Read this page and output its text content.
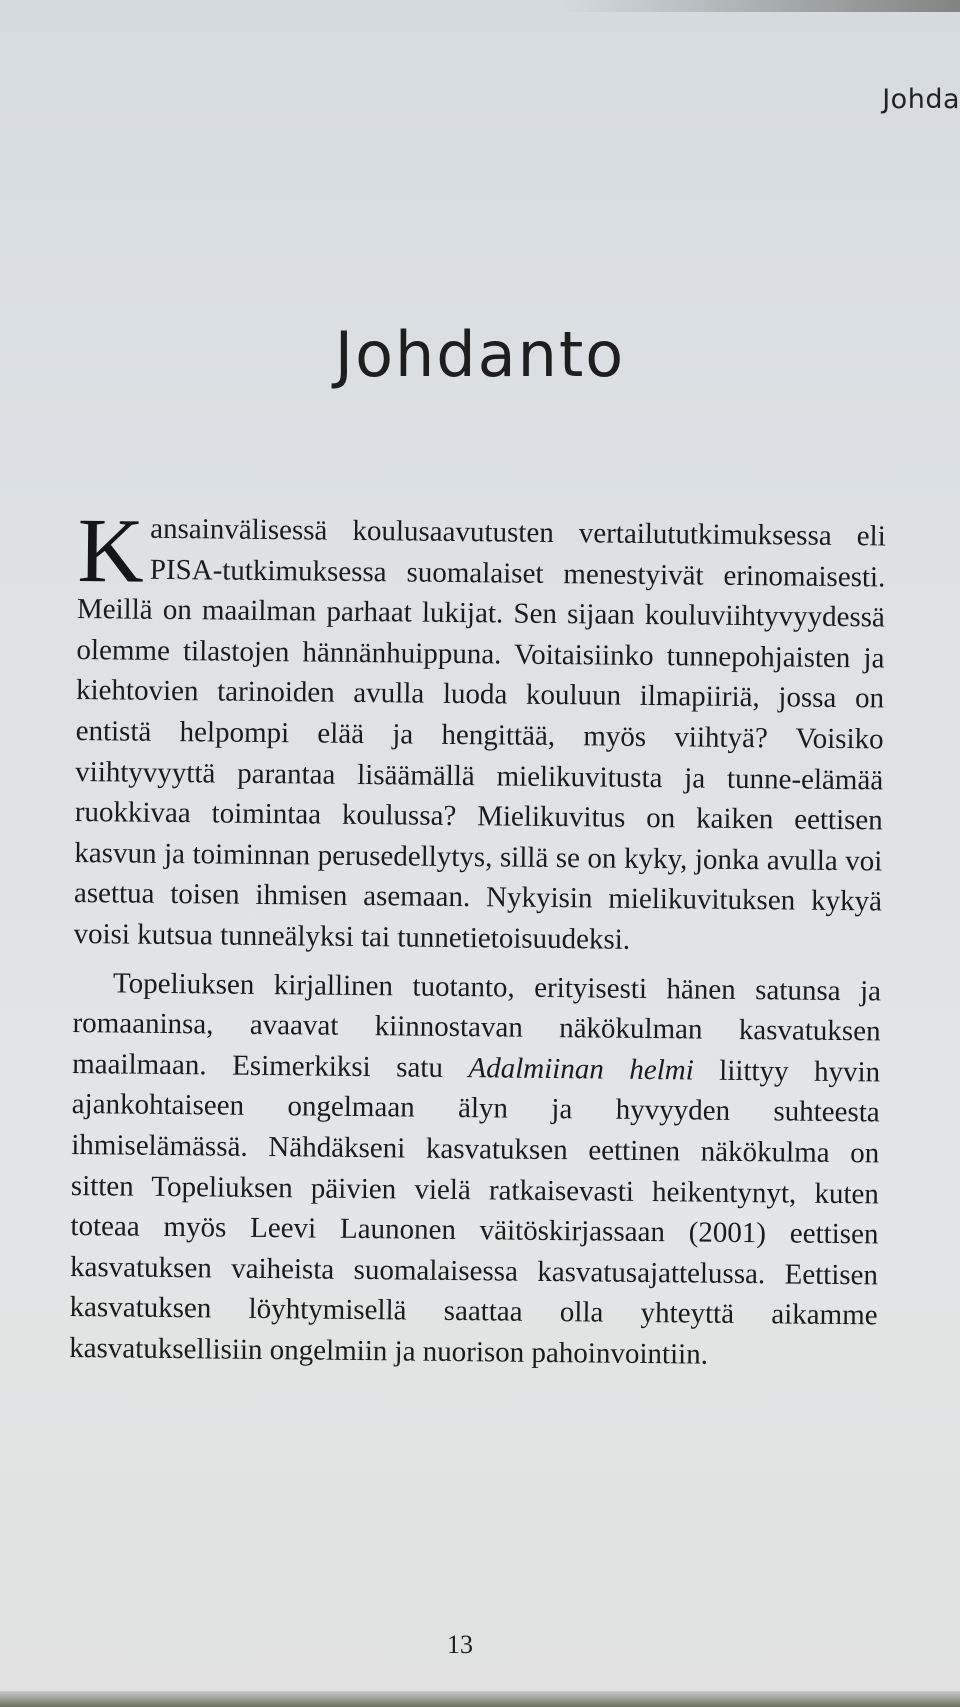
Johda
Johdanto

Kansainvälisessä koulusaavutusten vertailututkimuksessa eli PISA-tutkimuksessa suomalaiset menestyivät erinomaisesti. Meillä on maailman parhaat lukijat. Sen sijaan kouluviihtyvyydessä olemme tilastojen hännänhuippuna. Voitaisiinko tunnepohjaisten ja kiehtovien tarinoiden avulla luoda kouluun ilmapiiriä, jossa on entistä helpompi elää ja hengittää, myös viihtyä? Voisiko viihtyvyyttä parantaa lisäämällä mielikuvitusta ja tunne-elämää ruokkivaa toimintaa koulussa? Mielikuvitus on kaiken eettisen kasvun ja toiminnan perusedellytys, sillä se on kyky, jonka avulla voi asettua toisen ihmisen asemaan. Nykyisin mielikuvituksen kykyä voisi kutsua tunneälyksi tai tunnetietoisuudeksi.

Topeliuksen kirjallinen tuotanto, erityisesti hänen satunsa ja romaaninsa, avaavat kiinnostavan näkökulman kasvatuksen maailmaan. Esimerkiksi satu Adalmiinan helmi liittyy hyvin ajankohtaiseen ongelmaan älyn ja hyvyyden suhteesta ihmiselämässä. Nähdäkseni kasvatuksen eettinen näkökulma on sitten Topeliuksen päivien vielä ratkaisevasti heikentynyt, kuten toteaa myös Leevi Launonen väitöskirjassaan (2001) eettisen kasvatuksen vaiheista suomalaisessa kasvatusajattelussa. Eettisen kasvatuksen löyhtymisellä saattaa olla yhteyttä aikamme kasvatuksellisiin ongelmiin ja nuorison pahoinvointiin.

13
